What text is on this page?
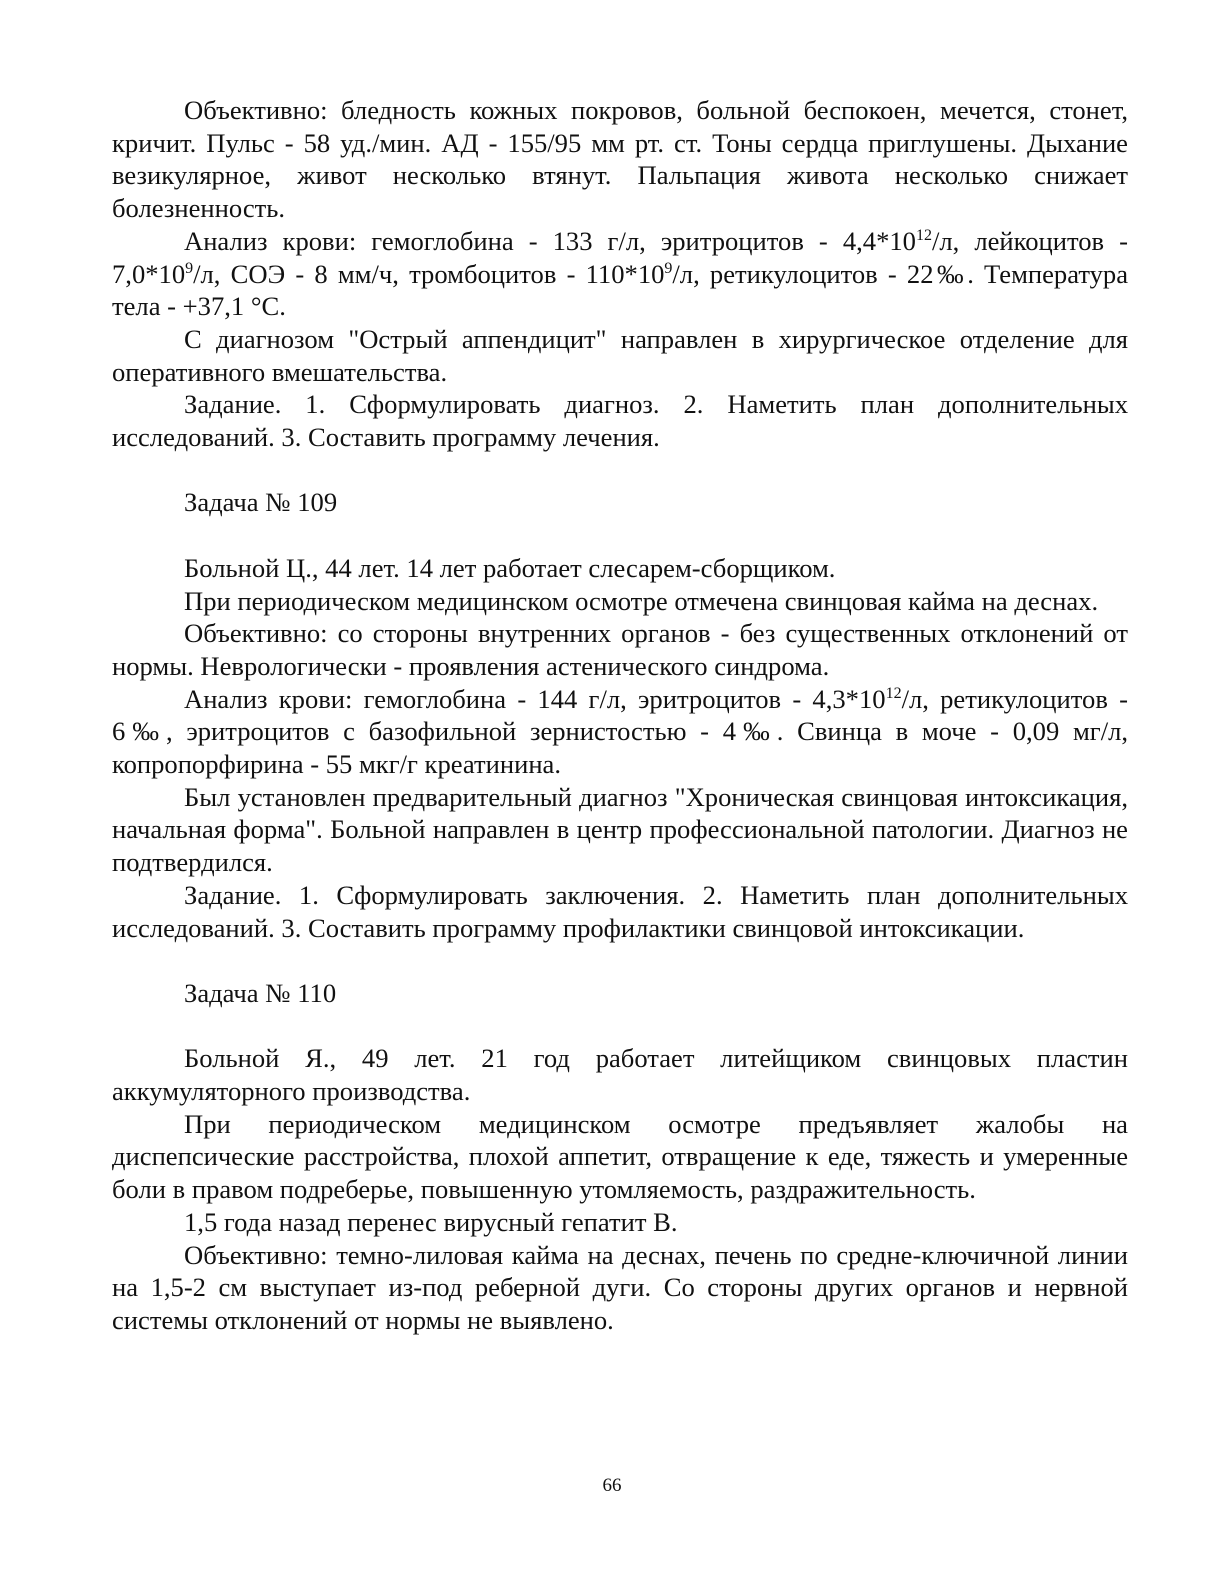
Объективно: бледность кожных покровов, больной беспокоен, мечется, стонет, кричит. Пульс - 58 уд./мин. АД - 155/95 мм рт. ст. Тоны сердца приглушены. Дыхание везикулярное, живот несколько втянут. Пальпация живота несколько снижает болезненность.

Анализ крови: гемоглобина - 133 г/л, эритроцитов - $4,4*10^{12}/л$, лейкоцитов - $7,0*10^9/л$, СОЭ - 8 мм/ч, тромбоцитов - $110*10^9/л$, ретикулоцитов - 22‰. Температура тела - +37,1 °С.

С диагнозом "Острый аппендицит" направлен в хирургическое отделение для оперативного вмешательства.

Задание. 1. Сформулировать диагноз. 2. Наметить план дополнительных исследований. 3. Составить программу лечения.

Задача № 109

Больной Ц., 44 лет. 14 лет работает слесарем-сборщиком.

При периодическом медицинском осмотре отмечена свинцовая кайма на деснах.

Объективно: со стороны внутренних органов - без существенных отклонений от нормы. Неврологически - проявления астенического синдрома.

Анализ крови: гемоглобина - 144 г/л, эритроцитов - $4,3*10^{12}/л$, ретикулоцитов - 6‰, эритроцитов с базофильной зернистостью - 4‰. Свинца в моче - 0,09 мг/л, копропорфирина - 55 мкг/г креатинина.

Был установлен предварительный диагноз "Хроническая свинцовая интоксикация, начальная форма". Больной направлен в центр профессиональной патологии. Диагноз не подтвердился.

Задание. 1. Сформулировать заключения. 2. Наметить план дополнительных исследований. 3. Составить программу профилактики свинцовой интоксикации.

Задача № 110

Больной Я., 49 лет. 21 год работает литейщиком свинцовых пластин аккумуляторного производства.

При периодическом медицинском осмотре предъявляет жалобы на диспепсические расстройства, плохой аппетит, отвращение к еде, тяжесть и умеренные боли в правом подреберье, повышенную утомляемость, раздражительность.

1,5 года назад перенес вирусный гепатит В.

Объективно: темно-лиловая кайма на деснах, печень по средне-ключичной линии на 1,5-2 см выступает из-под реберной дуги. Со стороны других органов и нервной системы отклонений от нормы не выявлено.

66
